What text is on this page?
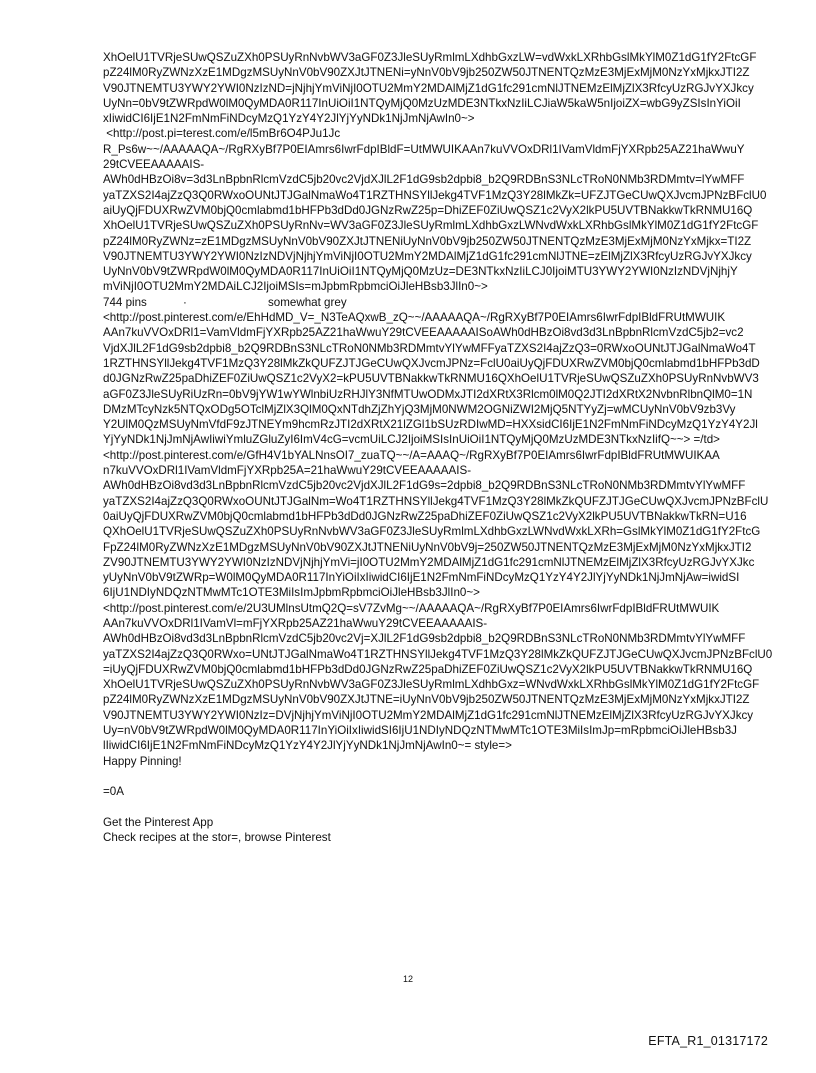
XhOelU1TVRjeSUwQSZuZXh0PSUyRnNvbWV3aGF0Z3JleSUyRmlmLXdhbGxzLW=vdWxkLXRhbGslMkYlM0Z1dG1fY2FtcGF
pZ24lM0RyZWNzXzE1MDgzMSUyNnV0bV90ZXJtJTNENi=yNnV0bV9jb250ZW50JTNENTQzMzE3MjExMjM0NzYxMjkxJTI2Z
V90JTNEMTU3YWY2YWI0NzIzND=jNjhjYmViNjI0OTU2MmY2MDAlMjZ1dG1fc291cmNlJTNEMzElMjZlX3RfcyUzRGJvYXJkcy
UyNn=0bV9tZWRpdW0lM0QyMDA0R117InUiOiI1NTQyMjQ0MzUzMDE3NTkxNzIiLCJiaW5kaW5nIjoiZX=wbG9yZSIsInYiOiI
xIiwidCI6IjE1N2FmNmFiNDcyMzQ1YzY4Y2JlYjYyNDk1NjJmNjAwIn0~>
<http://post.pi=terest.com/e/l5mBr6O4PJu1Jc
R_Ps6w~~/AAAAAQA~/RgRXyBf7P0EIAmrs6IwrFdpIBldF=UtMWUIKAAn7kuVVOxDRl1IVamVldmFjYXRpb25AZ21haWwuY
29tCVEEAAAAAIS-
AWh0dHBzOi8v=3d3LnBpbnRlcmVzdC5jb20vc2VjdXJlL2F1dG9sb2dpbi8_b2Q9RDBnS3NLcTRoN0NMb3RDMmtv=lYwMFF
yaTZXS2I4ajZzQ3Q0RWxoOUNtJTJGalNmaWo4T1RZTHNSYllJekg4TVF1MzQ3Y28lMkZk=UFZJTGeCUwQXJvcmJPNzBFclU0
aiUyQjFDUXRwZVM0bjQ0cmlabmd1bHFPb3dDd0JGNzRwZ25p=DhiZEF0ZiUwQSZ1c2VyX2lkPU5UVTBNakkwTkRNMU16Q
XhOelU1TVRjeSUwQSZuZXh0PSUyRnNv=WV3aGF0Z3JleSUyRmlmLXdhbGxzLWNvdWxkLXRhbGslMkYlM0Z1dG1fY2FtcGF
pZ24lM0RyZWNz=zE1MDgzMSUyNnV0bV90ZXJtJTNENiUyNnV0bV9jb250ZW50JTNENTQzMzE3MjExMjM0NzYxMjkx=TI2Z
V90JTNEMTU3YWY2YWI0NzIzNDVjNjhjYmViNjI0OTU2MmY2MDAlMjZ1dG1fc291cmNlJTNE=zElMjZlX3RfcyUzRGJvYXJkcy
UyNnV0bV9tZWRpdW0lM0QyMDA0R117InUiOiI1NTQyMjQ0MzUz=DE3NTkxNzIiLCJ0IjoiMTU3YWY2YWI0NzIzNDVjNjhjY
mViNjI0OTU2MmY2MDAiLCJ2IjoiMSIs=mJpbmRpbmciOiJleHBsb3JlIn0~>
744 pins	·	somewhat grey
<http://post.pinterest.com/e/EhHdMD_V=_N3TeAQxwB_zQ~~/AAAAAQA~/RgRXyBf7P0EIAmrs6IwrFdpIBldFRUtMWUIK
AAn7kuVVOxDRl1=VamVldmFjYXRpb25AZ21haWwuY29tCVEEAAAAAISoAWh0dHBzOi8vd3d3LnBpbnRlcmVzdC5jb2=vc2
VjdXJlL2F1dG9sb2dpbi8_b2Q9RDBnS3NLcTRoN0NMb3RDMmtvYlYwMFFyaTZXS2I4ajZzQ3=0RWxoOUNtJTJGalNmaWo4T
1RZTHNSYllJekg4TVF1MzQ3Y28lMkZkQUFZJTJGeCUwQXJvcmJPNz=FclU0aiUyQjFDUXRwZVM0bjQ0cmlabmd1bHFPb3dD
d0JGNzRwZ25paDhiZEF0ZiUwQSZ1c2VyX2=kPU5UVTBNakkwTkRNMU16QXhOelU1TVRjeSUwQSZuZXh0PSUyRnNvbWV3
aGF0Z3JleSUyRiUzRn=0bV9jYW1wYWlnbiUzRHJlY3NfMTUwODMxJTI2dXRtX3Rlcm0lM0Q2JTI2dXRtX2NvbnRlbnQlM0=1N
DMzMTcyNzk5NTQxODg5OTclMjZlX3QlM0QxNTdhZjZhYjQ3MjM0NWM2OGNiZWI2MjQ5NTYyZj=wMCUyNnV0bV9zb3Vy
Y2UlM0QzMSUyNmVfdF9zJTNEYm9hcmRzJTI2dXRtX21lZGl1bSUzRDIwMD=HXXsidCI6IjE1N2FmNmFiNDcyMzQ1YzY4Y2Jl
YjYyNDk1NjJmNjAwIiwiYmluZGluZyI6ImV4cG=vcmUiLCJ2IjoiMSIsInUiOiI1NTQyMjQ0MzUzMDE3NTkxNzIifQ~~> =/td>
<http://post.pinterest.com/e/GfH4V1bYALNnsOI7_zuaTQ~~/A=AAAQ~/RgRXyBf7P0EIAmrs6IwrFdpIBldFRUtMWUIKAA
n7kuVVOxDRl1IVamVldmFjYXRpb25A=21haWwuY29tCVEEAAAAAIS-
AWh0dHBzOi8vd3d3LnBpbnRlcmVzdC5jb20vc2VjdXJlL2F1dG9s=2dpbi8_b2Q9RDBnS3NLcTRoN0NMb3RDMmtvYlYwMFF
yaTZXS2I4ajZzQ3Q0RWxoOUNtJTJGalNm=Wo4T1RZTHNSYllJekg4TVF1MzQ3Y28lMkZkQUFZJTJGeCUwQXJvcmJPNzBFclU
0aiUyQjFDUXRwZVM0bjQ0cmlabmd1bHFPb3dDd0JGNzRwZ25paDhiZEF0ZiUwQSZ1c2VyX2lkPU5UVTBNakkwTkRN=U16
QXhOelU1TVRjeSUwQSZuZXh0PSUyRnNvbWV3aGF0Z3JleSUyRmlmLXdhbGxzLWNvdWxkLXRh=GslMkYlM0Z1dG1fY2FtcG
FpZ24lM0RyZWNzXzE1MDgzMSUyNnV0bV90ZXJtJTNENiUyNnV0bV9j=250ZW50JTNENTQzMzE3MjExMjM0NzYxMjkxJTI2
ZV90JTNEMTU3YWY2YWI0NzIzNDVjNjhjYmVi=jI0OTU2MmY2MDAlMjZ1dG1fc291cmNlJTNEMzElMjZlX3RfcyUzRGJvYXJkc
yUyNnV0bV9tZWRp=W0lM0QyMDA0R117InYiOiIxIiwidCI6IjE1N2FmNmFiNDcyMzQ1YzY4Y2JlYjYyNDk1NjJmNjAw=iwidSI
6IjU1NDIyNDQzNTMwMTc1OTE3MiIsImJpbmRpbmciOiJleHBsb3JlIn0~>
<http://post.pinterest.com/e/2U3UMlnsUtmQ2Q=sV7ZvMg~~/AAAAAQA~/RgRXyBf7P0EIAmrs6IwrFdpIBldFRUtMWUIK
AAn7kuVVOxDRl1IVamVl=mFjYXRpb25AZ21haWwuY29tCVEEAAAAAIS-
AWh0dHBzOi8vd3d3LnBpbnRlcmVzdC5jb20vc2Vj=XJlL2F1dG9sb2dpbi8_b2Q9RDBnS3NLcTRoN0NMb3RDMmtvYlYwMFF
yaTZXS2I4ajZzQ3Q0RWxo=UNtJTJGalNmaWo4T1RZTHNSYllJekg4TVF1MzQ3Y28lMkZkQUFZJTJGeCUwQXJvcmJPNzBFclU0
=iUyQjFDUXRwZVM0bjQ0cmlabmd1bHFPb3dDd0JGNzRwZ25paDhiZEF0ZiUwQSZ1c2VyX2lkPU5UVTBNakkwTkRNMU16Q
XhOelU1TVRjeSUwQSZuZXh0PSUyRnNvbWV3aGF0Z3JleSUyRmlmLXdhbGxz=WNvdWxkLXRhbGslMkYlM0Z1dG1fY2FtcGF
pZ24lM0RyZWNzXzE1MDgzMSUyNnV0bV90ZXJtJTNE=iUyNnV0bV9jb250ZW50JTNENTQzMzE3MjExMjM0NzYxMjkxJTI2Z
V90JTNEMTU3YWY2YWI0NzIz=DVjNjhjYmViNjI0OTU2MmY2MDAlMjZ1dG1fc291cmNlJTNEMzElMjZlX3RfcyUzRGJvYXJkcy
Uy=nV0bV9tZWRpdW0lM0QyMDA0R117InYiOiIxIiwidSI6IjU1NDIyNDQzNTMwMTc1OTE3MiIsImJp=mRpbmciOiJleHBsb3J
lIiwidCI6IjE1N2FmNmFiNDcyMzQ1YzY4Y2JlYjYyNDk1NjJmNjAwIn0~= style=>
Happy Pinning!
=0A
Get the Pinterest App
Check recipes at the stor=, browse Pinterest
12
EFTA_R1_01317172
